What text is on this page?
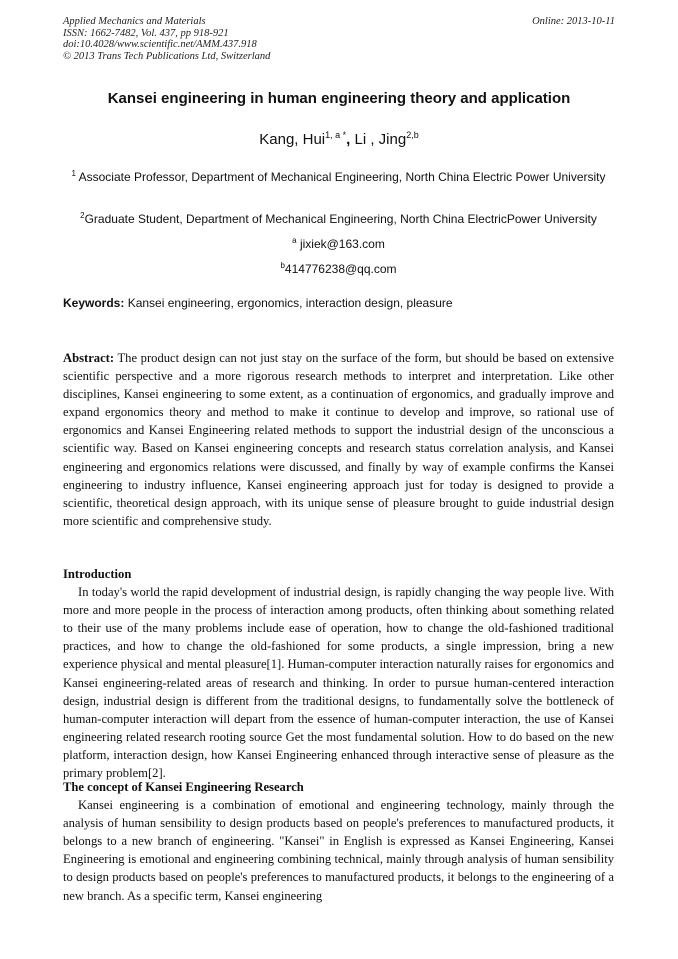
Applied Mechanics and Materials
ISSN: 1662-7482, Vol. 437, pp 918-921
doi:10.4028/www.scientific.net/AMM.437.918
© 2013 Trans Tech Publications Ltd, Switzerland
Online: 2013-10-11
Kansei engineering in human engineering theory and application
Kang, Hui$^{1, a *}$, Li , Jing$^{2,b}$
$^1$ Associate Professor, Department of Mechanical Engineering, North China Electric Power University
$^2$Graduate Student, Department of Mechanical Engineering, North China ElectricPower University
$^a$ jixiek@163.com
$^b$414776238@qq.com
Keywords: Kansei engineering, ergonomics, interaction design, pleasure
Abstract: The product design can not just stay on the surface of the form, but should be based on extensive scientific perspective and a more rigorous research methods to interpret and interpretation. Like other disciplines, Kansei engineering to some extent, as a continuation of ergonomics, and gradually improve and expand ergonomics theory and method to make it continue to develop and improve, so rational use of ergonomics and Kansei Engineering related methods to support the industrial design of the unconscious a scientific way. Based on Kansei engineering concepts and research status correlation analysis, and Kansei engineering and ergonomics relations were discussed, and finally by way of example confirms the Kansei engineering to industry influence, Kansei engineering approach just for today is designed to provide a scientific, theoretical design approach, with its unique sense of pleasure brought to guide industrial design more scientific and comprehensive study.
Introduction
In today's world the rapid development of industrial design, is rapidly changing the way people live. With more and more people in the process of interaction among products, often thinking about something related to their use of the many problems include ease of operation, how to change the old-fashioned traditional practices, and how to change the old-fashioned for some products, a single impression, bring a new experience physical and mental pleasure[1]. Human-computer interaction naturally raises for ergonomics and Kansei engineering-related areas of research and thinking. In order to pursue human-centered interaction design, industrial design is different from the traditional designs, to fundamentally solve the bottleneck of human-computer interaction will depart from the essence of human-computer interaction, the use of Kansei engineering related research rooting source Get the most fundamental solution. How to do based on the new platform, interaction design, how Kansei Engineering enhanced through interactive sense of pleasure as the primary problem[2].
The concept of Kansei Engineering Research
Kansei engineering is a combination of emotional and engineering technology, mainly through the analysis of human sensibility to design products based on people's preferences to manufactured products, it belongs to a new branch of engineering. "Kansei" in English is expressed as Kansei Engineering, Kansei Engineering is emotional and engineering combining technical, mainly through analysis of human sensibility to design products based on people's preferences to manufactured products, it belongs to the engineering of a new branch. As a specific term, Kansei engineering
